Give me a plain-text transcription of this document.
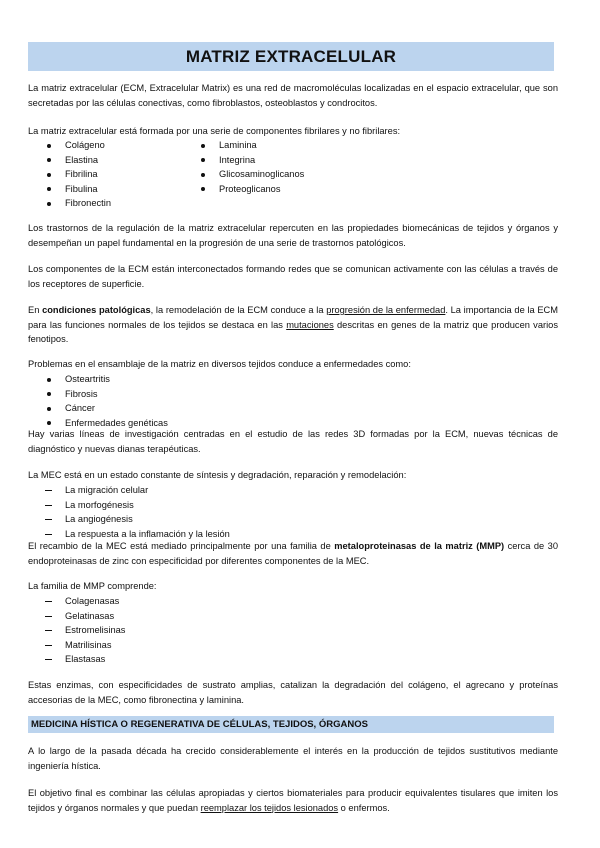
MATRIZ EXTRACELULAR

La matriz extracelular (ECM, Extracelular Matrix) es una red de macromoléculas localizadas en el espacio extracelular, que son secretadas por las células conectivas, como fibroblastos, osteoblastos y condrocitos.

La matriz extracelular está formada por una serie de componentes fibrilares y no fibrilares:

Colágeno
Elastina
Fibrilina
Fibulina
Fibronectin
Laminina
Integrina
Glicosaminoglicanos
Proteoglicanos

Los trastornos de la regulación de la matriz extracelular repercuten en las propiedades biomecánicas de tejidos y órganos y desempeñan un papel fundamental en la progresión de una serie de trastornos patológicos.

Los componentes de la ECM están interconectados formando redes que se comunican activamente con las células a través de los receptores de superficie.

En condiciones patológicas, la remodelación de la ECM conduce a la progresión de la enfermedad. La importancia de la ECM para las funciones normales de los tejidos se destaca en las mutaciones descritas en genes de la matriz que producen varios fenotipos.

Problemas en el ensamblaje de la matriz en diversos tejidos conduce a enfermedades como:

Osteartritis
Fibrosis
Cáncer
Enfermedades genéticas

Hay varias líneas de investigación centradas en el estudio de las redes 3D formadas por la ECM, nuevas técnicas de diagnóstico y nuevas dianas terapéuticas.

La MEC está en un estado constante de síntesis y degradación, reparación y remodelación:

La migración celular
La morfogénesis
La angiogénesis
La respuesta a la inflamación y la lesión

El recambio de la MEC está mediado principalmente por una familia de metaloproteinasas de la matriz (MMP) cerca de 30 endoproteinasas de zinc con especificidad por diferentes componentes de la MEC.

La familia de MMP comprende:

Colagenasas
Gelatinasas
Estromelisinas
Matrilisinas
Elastasas

Estas enzimas, con especificidades de sustrato amplias, catalizan la degradación del colágeno, el agrecano y proteínas accesorias de la MEC, como fibronectina y laminina.

MEDICINA HÍSTICA O REGENERATIVA DE CÉLULAS, TEJIDOS, ÓRGANOS

A lo largo de la pasada década ha crecido considerablemente el interés en la producción de tejidos sustitutivos mediante ingeniería hística.

El objetivo final es combinar las células apropiadas y ciertos biomateriales para producir equivalentes tisulares que imiten los tejidos y órganos normales y que puedan reemplazar los tejidos lesionados o enfermos.
